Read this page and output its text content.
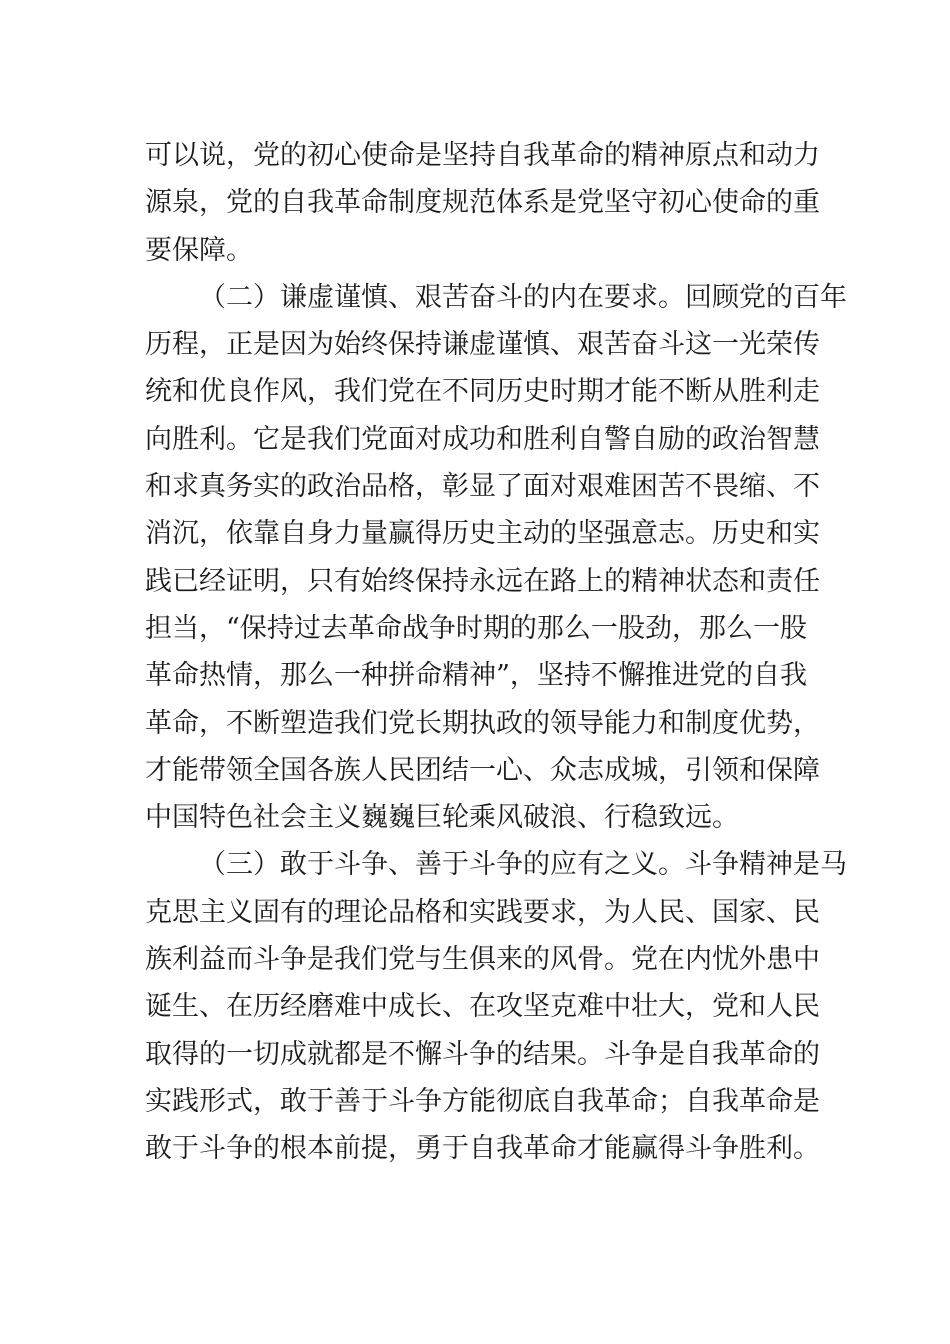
可以说，党的初心使命是坚持自我革命的精神原点和动力
源泉，党的自我革命制度规范体系是党坚守初心使命的重
要保障。
（二）谦虚谨慎、艰苦奋斗的内在要求。回顾党的百年
历程，正是因为始终保持谦虚谨慎、艰苦奋斗这一光荣传
统和优良作风，我们党在不同历史时期才能不断从胜利走
向胜利。它是我们党面对成功和胜利自警自励的政治智慧
和求真务实的政治品格，彰显了面对艰难困苦不畏缩、不
消沉，依靠自身力量赢得历史主动的坚强意志。历史和实
践已经证明，只有始终保持永远在路上的精神状态和责任
担当，“保持过去革命战争时期的那么一股劲，那么一股
革命热情，那么一种拼命精神”，坚持不懈推进党的自我
革命，不断塑造我们党长期执政的领导能力和制度优势，
才能带领全国各族人民团结一心、众志成城，引领和保障
中国特色社会主义巍巍巨轮乘风破浪、行稳致远。
（三）敢于斗争、善于斗争的应有之义。斗争精神是马
克思主义固有的理论品格和实践要求，为人民、国家、民
族利益而斗争是我们党与生俱来的风骨。党在内忧外患中
诞生、在历经磨难中成长、在攻坚克难中壮大，党和人民
取得的一切成就都是不懈斗争的结果。斗争是自我革命的
实践形式，敢于善于斗争方能彻底自我革命；自我革命是
敢于斗争的根本前提，勇于自我革命才能赢得斗争胜利。
